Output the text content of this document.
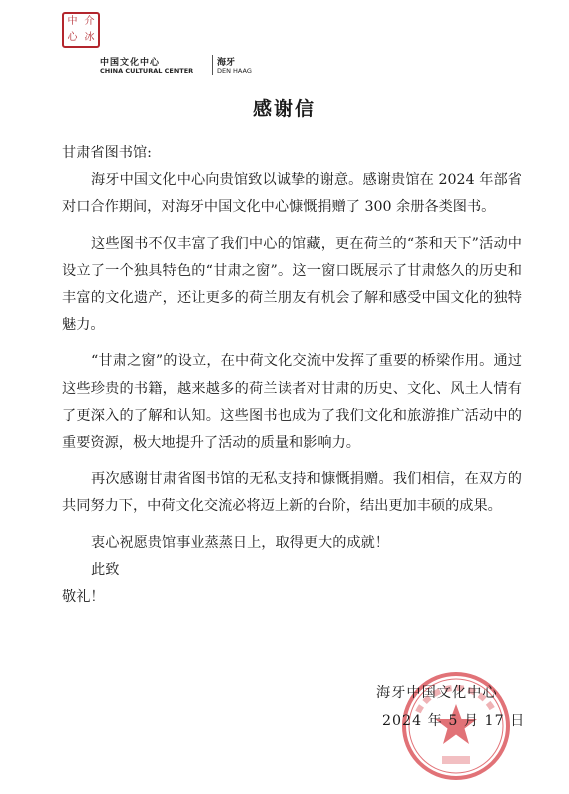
中 介
心 冰
中国文化中心
CHINA CULTURAL CENTER
海牙
DEN HAAG
感谢信

甘肃省图书馆:

海牙中国文化中心向贵馆致以诚挚的谢意。感谢贵馆在 2024 年部省对口合作期间，对海牙中国文化中心慷慨捐赠了 300 余册各类图书。

这些图书不仅丰富了我们中心的馆藏，更在荷兰的“茶和天下”活动中设立了一个独具特色的“甘肃之窗”。这一窗口既展示了甘肃悠久的历史和丰富的文化遗产，还让更多的荷兰朋友有机会了解和感受中国文化的独特魅力。

“甘肃之窗”的设立，在中荷文化交流中发挥了重要的桥梁作用。通过这些珍贵的书籍，越来越多的荷兰读者对甘肃的历史、文化、风土人情有了更深入的了解和认知。这些图书也成为了我们文化和旅游推广活动中的重要资源，极大地提升了活动的质量和影响力。

再次感谢甘肃省图书馆的无私支持和慷慨捐赠。我们相信，在双方的共同努力下，中荷文化交流必将迈上新的台阶，结出更加丰硕的成果。

衷心祝愿贵馆事业蒸蒸日上，取得更大的成就！

此致

敬礼！

海牙中国文化中心
2024 年 5 月 17 日
